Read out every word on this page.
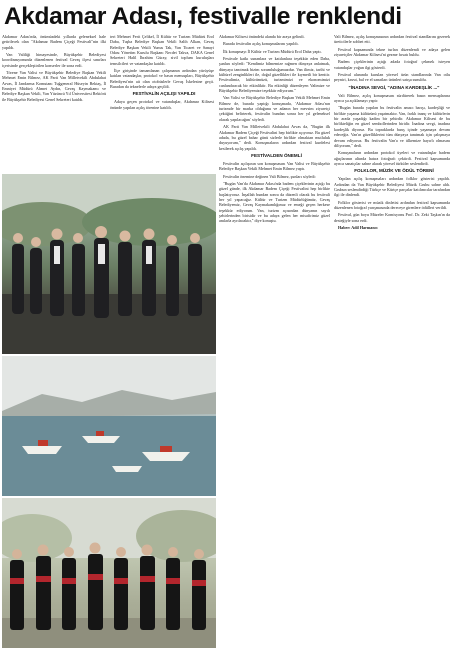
Akdamar Adası, festivalle renklendi

Akdamar Adası'nda, önümüzdeki yıllarda geleneksel hale getirilecek olan "Akdamar Badem Çiçeği Festivali"nin ilki yapıldı.

Van Valiliği himayesinde, Büyükşehir Belediyesi koordinasyonunda düzenlenen festival Gevaş ilçesi sınırları içerisinde gerçekleştirilen konserler ile sona erdi.

Törene Van Valisi ve Büyükşehir Belediye Başkan Vekili Mehmet Emin Bilmez, AK Parti Van Milletvekili Abdulahat Arvas, İl Jandarma Komutanı Tuğgeneral Hüseyin Bektaş, İl Emniyet Müdürü Ahmet Aydın, Gevaş Kaymakamı ve Belediye Başkan Vekili, Van Yüzüncü Yıl Üniversitesi Rektörü ile Büyükşehir Belediyesi Genel Sekreteri katıldı.

teri Mehmet Ferit Çelikel, İl Kültür ve Turizm Müdürü Erol Daba, Tuşba Belediye Başkan Vekili Salih Alkan, Gevaş Belediye Başkan Vekili Yunus Tak, Van Ticaret ve Sanayi Odası Yönetim Kurulu Başkanı Necdet Takva, DAKA Genel Sekreteri Halil İbrahim Güray, sivil toplum kuruluşları temsilcileri ve vatandaşlar katıldı.

İlçe girişinde tamamlanan çalışmanın ardından yürüyüşe katılan vatandaşlar, protokol ve basın mensupları, Büyükşehir Belediyesi'nin ait olan otobüslerle Gevaş İskelesine geçti. Buradan da teknelerle adaya geçildi.

FESTİVALİN AÇILIŞI YAPILDI

Adaya geçen protokol ve vatandaşlar, Akdamar Kilisesi önünde yapılan açılış törenine katıldı.

Akdamar Kilisesi önündeki alanda bir araya gelindi.

Burada festivalin açılış konuşmalarını yapıldı.

İlk konuşmayı İl Kültür ve Turizm Müdürü Erol Daba yaptı.

Festivale katkı sunanlara ve katılanlara teşekkür eden Daba, şunları söyledi: "Kendimiz bilmemize rağmen dünyaya anlatmak, dünyaya tanıtmak bizim sorumluluğumuzdur. Van ilimiz, tarihi ve kültürel zenginlikleri ile, doğal güzellikleri ile kıymetli bir kenttir. Festivalimiz, kültürümüzü, turizmimizi ve ekonomimizi canlandıracak bir etkinliktir. Bu etkinliği düzenleyen Valimize ve Büyükşehir Belediyemize teşekkür ediyorum."

Van Valisi ve Büyükşehir Belediye Başkan Vekili Mehmet Emin Bilmez de, burada yaptığı konuşmada, 'Akdamar Adası'nın turizmde bir marka olduğunu ve adanın her mevsim ziyaretçi çektiğini belirterek, festivalin bundan sonra her yıl geleneksel olarak yapılacağını' söyledi.

AK Parti Van Milletvekili Abdulahat Arvas da, "Bugün ilk Akdamar Badem Çiçeği Festivalini hep birlikte açıyoruz. Bu güzel adada, bu güzel bahar günü sizlerle birlikte olmaktan mutluluk duyuyorum," dedi. Konuşmaların ardından festival kurdelesi kesilerek açılış yapıldı.

FESTİVALDEN ÖNEMLİ

Festivalin açılışının son konuşmasını Van Valisi ve Büyükşehir Belediye Başkan Vekili Mehmet Emin Bilmez yaptı.

Festivalin önemine değinen Vali Bilmez, şunları söyledi:

"Bugün Van'da Akdamar Adası'nda badem çiçeklerinin açtığı bu güzel günde, ilk Akdamar Badem Çiçeği Festivalini hep birlikte başlatıyoruz. İnşallah bundan sonra da düzenli olarak bu festivali her yıl yapacağız. Kültür ve Turizm Müdürlüğümüz, Gevaş Belediyemiz, Gevaş Kaymakamlığımız ve emeği geçen herkese teşekkür ediyorum. Van, turizm açısından dünyanın sayılı şehirlerinden birisidir ve bu adaya gelen her misafirimiz güzel anılarla ayrılacaktır," diye konuştu.

Vali Bilmez, açılış konuşmasının ardından festival standlarını gezerek üreticilerle sohbet etti.

Festival kapsamında tekne turları düzenlendi ve adaya gelen ziyaretçiler Akdamar Kilisesi'ni gezme fırsatı buldu.

Badem çiçeklerinin açtığı adada fotoğraf çekmek isteyen vatandaşlar yoğun ilgi gösterdi.

Festival alanında kurulan yöresel ürün standlarında Van otlu peyniri, kavut, bal ve el sanatları ürünleri satışa sunuldu.

"İNADINA SEVGİ, "ADINA KARDEŞLİK ..."

Vali Bilmez, açılış konuşmasını sürdürerek basın mensuplarına ayrıca şu açıklamayı yaptı:

"Bugün burada yapılan bu festivalin amacı barışı, kardeşliği ve birlikte yaşama kültürünü yaşatmaktır. Van, farklı inanç ve kültürlerin bir arada yaşadığı kadim bir şehirdir. Akdamar Kilisesi de bu birlikteliğin en güzel sembollerinden biridir. İnadına sevgi, inadına kardeşlik diyoruz. Bu topraklarda barış içinde yaşamaya devam edeceğiz. Van'ın güzelliklerini tüm dünyaya tanıtmak için çalışmaya devam ediyoruz. Bu festivalin Van'a ve ülkemize hayırlı olmasını diliyorum," dedi.

Konuşmaların ardından protokol üyeleri ve vatandaşlar badem ağaçlarının altında hatıra fotoğrafı çektirdi. Festival kapsamında ayrıca sanatçılar sahne alarak yöresel türküler seslendirdi.

FOLKLOR, MÜZİK VE ÖDÜL TÖRENİ

Yapılan açılış konuşmaları ardından folklor gösterisi yapıldı. Ardından da Van Büyükşehir Belediyesi Müzik Grubu sahne aldı. Grubun seslendirdiği Türkçe ve Kürtçe parçalar katılımcılar tarafından ilgi ile dinlendi.

Folklor gösterisi ve müzik dinletisi ardından festival kapsamında düzenlenen fotoğraf yarışmasında dereceye girenlere ödülleri verildi.

Festival, gün boyu Müzeler Komisyonu Prof. Dr. Zeki Taşkın'ın da desteğiyle sona erdi.

Haber: Adil Harmancı
